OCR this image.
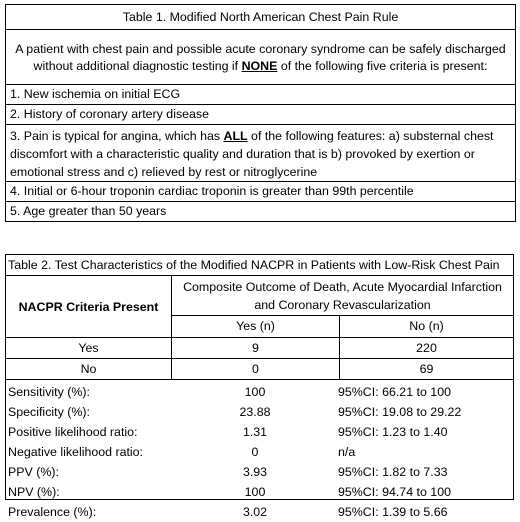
Table 1. Modified North American Chest Pain Rule
A patient with chest pain and possible acute coronary syndrome can be safely discharged without additional diagnostic testing if NONE of the following five criteria is present:
1. New ischemia on initial ECG
2. History of coronary artery disease
3. Pain is typical for angina, which has ALL of the following features: a) substernal chest discomfort with a characteristic quality and duration that is b) provoked by exertion or emotional stress and c) relieved by rest or nitroglycerine
4. Initial or 6-hour troponin cardiac troponin is greater than 99th percentile
5. Age greater than 50 years
Table 2. Test Characteristics of the Modified NACPR in Patients with Low-Risk Chest Pain
NACPR Criteria Present
Composite Outcome of Death, Acute Myocardial Infarction and Coronary Revascularization
Yes (n)	No (n)
Yes	9	220
No	0	69
Sensitivity (%):	100	95%CI: 66.21 to 100
Specificity (%):	23.88	95%CI: 19.08 to 29.22
Positive likelihood ratio:	1.31	95%CI: 1.23 to 1.40
Negative likelihood ratio:	0	n/a
PPV (%):	3.93	95%CI: 1.82 to 7.33
NPV (%):	100	95%CI: 94.74 to 100
Prevalence (%):	3.02	95%CI: 1.39 to 5.66
